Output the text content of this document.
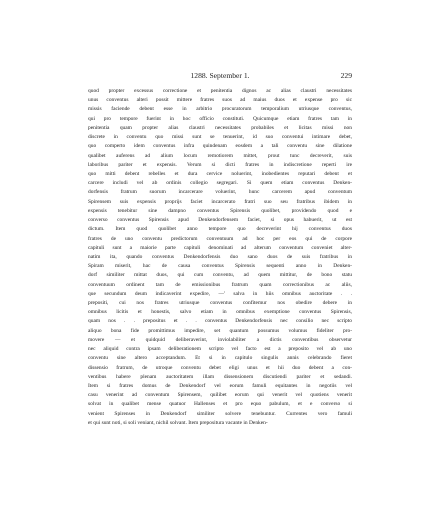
1288. September 1.	229
quod propter excessus correctione et penitentia dignos ac alias claustri necessitates
unus conventus alteri possit mittere fratres suos ad maius duos et expense pro sic
missis faciende debent esse in arbitrio procuratorum temporalium utriusque conventus,
qui pro tempore fuerint in hoc officio constituti. Quicumque etiam fratres tam in
penitentia quam propter alias claustri necessitates probabiles et licitas missi non
discrete in conventu quo missi sunt se tenuerint, id suo conventui intimare debet,
quo comperto idem conventus infra quindenam eosdem a tali conventu sine dilatione
qualibet auferens ad alium locum remotiorem mittet, prout tunc decreverit, suis
laboribus pariter et expensis. Verum si dicti fratres in indiscretione reperti ire
quo mitti debent rebelles et dura cervice noluerint, inobedientes reputari debent et
carcere includi vel ab ordinis collegio segregari. Si quem etiam conventus Denken-
dorfensis fratrum suorum incarcerare voluerint, hunc carcerem apud conventum
Spirensem suis expensis proprijs faciet incarcerato fratri suo seu fratribus ibidem in
expensis tenebitur sine dampno conventus Spirensis quolibet, providendo quod e
converso conventus Spirensis apud Denkendorfensem faciet, si opus habuerit, ut est
dictum. Item quod quolibet anno tempore quo decreverint hij conventus duos
fratres de uno conventu predictorum conventuum ad hoc per eos qui de corpore
capituli sunt a maiorie parte capituli denominati ad alterum conventum conveniet alter-
natim ita, quando conventus Denkendorfensis duo sano duos de suis fratribus in
Spiram miserit, hac de causa conventus Spirensis sequenti anno in Denken-
dorf similiter mittat duos, qui cum conventu, ad quem mittitur, de bono statu
conventuum ordinent tam de emissionibus fratrum quam correctionibus ac aliis,
que secundum deum indicaverint expedire, —' salva in hiis omnibus auctoritate . .
prepositi, cui nos fratres utriusque conventus confitemur nos obedire debere in
omnibus licitis et honestis, salvo etiam in omnibus exemptione conventus Spirensis,
quam nos . . prepositus et . . conventus Denkendorfensis nec consilio nec scripto
aliquo bona fide promittimus impedire, set quantum possumus volumus fideliter pro-
movere — et quidquid deliberaverint, inviolabiliter a dictis conventibus observetur
nec aliquid contra ipsam deliberationem scripto vel facto est a preposito vel ab uno
conventu sine altero acceptandum. Et si in capitulo singulis annis celebrando fieret
dissensio fratrum, de utroque conventu debet eligi unus et hii duo debent a con-
ventibus habere plenam auctoritatem illam dissensionem discutiendi pariter et sedandi.
Item si fratres domus de Denkendorf vel eorum famuli equitantes in negotiis vel
casu venerint ad conventum Spirensem, quilibet eorum qui venerit vel quotiens venerit
solvat in qualibet mense quatuor Hallenses et pro equo pabulum, et e converso si
venient Spirenses in Denkendorf similiter solvere tenebuntur. Currentes vero famuli
et qui sunt noti, si soli veniant, nichil solvant. Item prepositura vacante in Denken-
